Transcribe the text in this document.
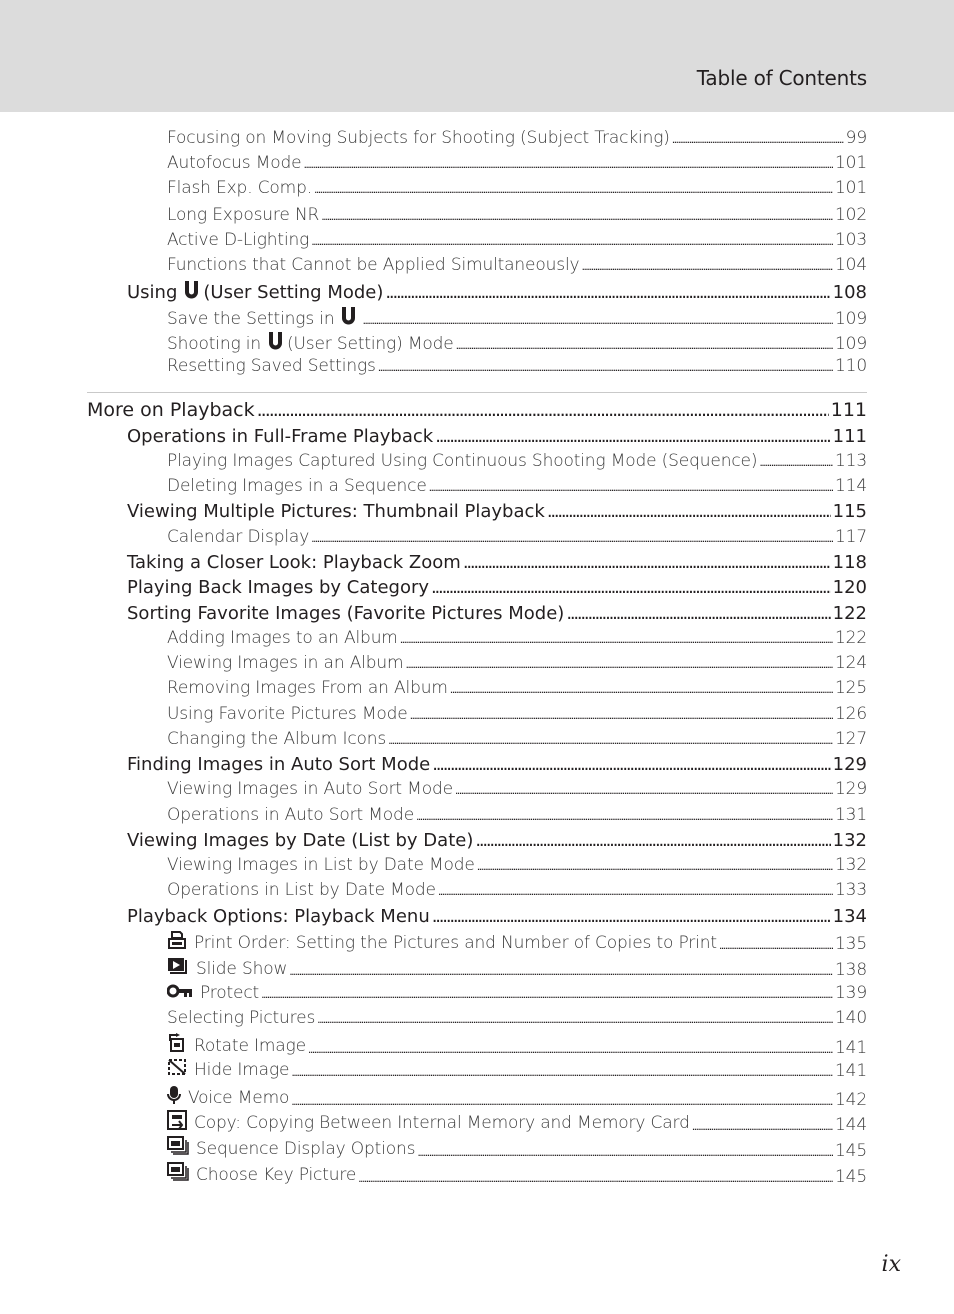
Table of Contents
Focusing on Moving Subjects for Shooting (Subject Tracking) .....	99
Autofocus Mode .....	101
Flash Exp. Comp. .....	101
Long Exposure NR .....	102
Active D-Lighting .....	103
Functions that Cannot be Applied Simultaneously .....	104
Using (User Setting Mode) .....	108
Save the Settings in .....	109
Shooting in (User Setting) Mode .....	109
Resetting Saved Settings .....	110
More on Playback .....	111
Operations in Full-Frame Playback .....	111
Playing Images Captured Using Continuous Shooting Mode (Sequence) .....	113
Deleting Images in a Sequence .....	114
Viewing Multiple Pictures: Thumbnail Playback .....	115
Calendar Display .....	117
Taking a Closer Look: Playback Zoom .....	118
Playing Back Images by Category .....	120
Sorting Favorite Images (Favorite Pictures Mode) .....	122
Adding Images to an Album .....	122
Viewing Images in an Album .....	124
Removing Images From an Album .....	125
Using Favorite Pictures Mode .....	126
Changing the Album Icons .....	127
Finding Images in Auto Sort Mode .....	129
Viewing Images in Auto Sort Mode .....	129
Operations in Auto Sort Mode .....	131
Viewing Images by Date (List by Date) .....	132
Viewing Images in List by Date Mode .....	132
Operations in List by Date Mode .....	133
Playback Options: Playback Menu .....	134
Print Order: Setting the Pictures and Number of Copies to Print .....	135
Slide Show .....	138
Protect .....	139
Selecting Pictures .....	140
Rotate Image .....	141
Hide Image .....	141
Voice Memo .....	142
Copy: Copying Between Internal Memory and Memory Card .....	144
Sequence Display Options .....	145
Choose Key Picture .....	145
ix
